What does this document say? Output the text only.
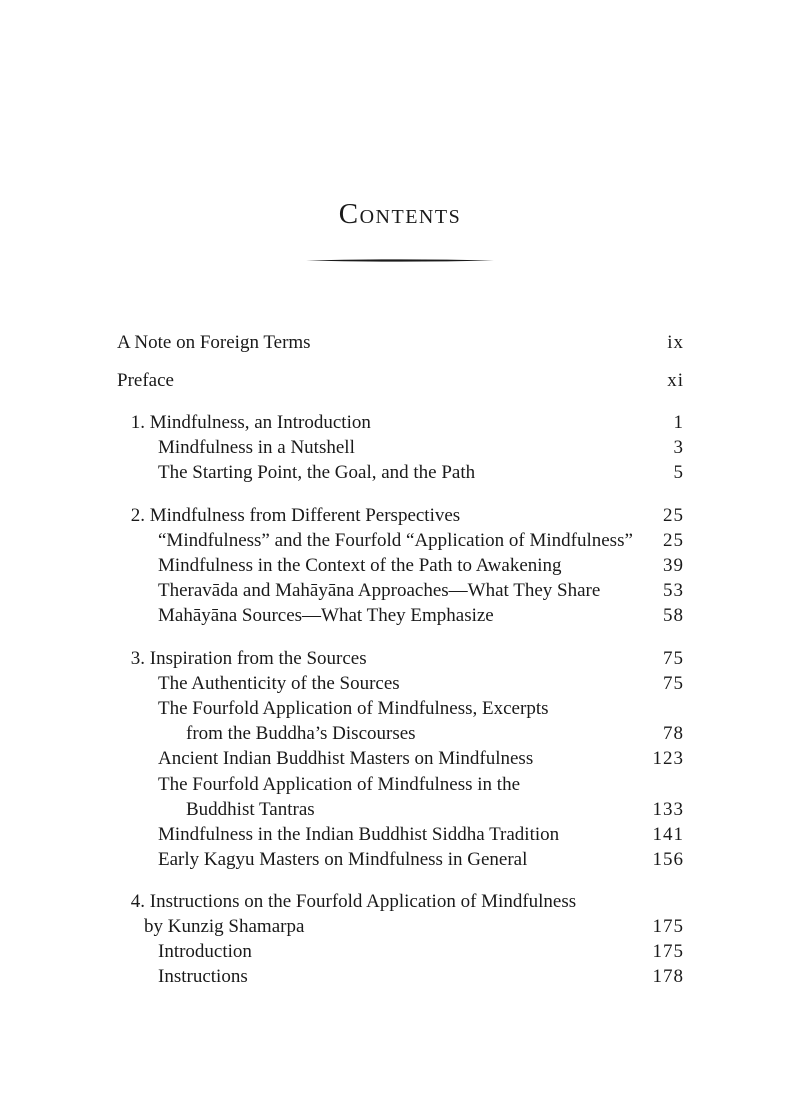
Contents
A Note on Foreign Terms	ix
Preface	xi
1. Mindfulness, an Introduction	1
Mindfulness in a Nutshell	3
The Starting Point, the Goal, and the Path	5
2. Mindfulness from Different Perspectives	25
“Mindfulness” and the Fourfold “Application of Mindfulness” 25
Mindfulness in the Context of the Path to Awakening	39
Theravāda and Mahāyāna Approaches—What They Share	53
Mahāyāna Sources—What They Emphasize	58
3. Inspiration from the Sources	75
The Authenticity of the Sources	75
The Fourfold Application of Mindfulness, Excerpts
from the Buddha’s Discourses	78
Ancient Indian Buddhist Masters on Mindfulness	123
The Fourfold Application of Mindfulness in the
Buddhist Tantras	133
Mindfulness in the Indian Buddhist Siddha Tradition	141
Early Kagyu Masters on Mindfulness in General	156
4. Instructions on the Fourfold Application of Mindfulness
by Kunzig Shamarpa	175
Introduction	175
Instructions	178
